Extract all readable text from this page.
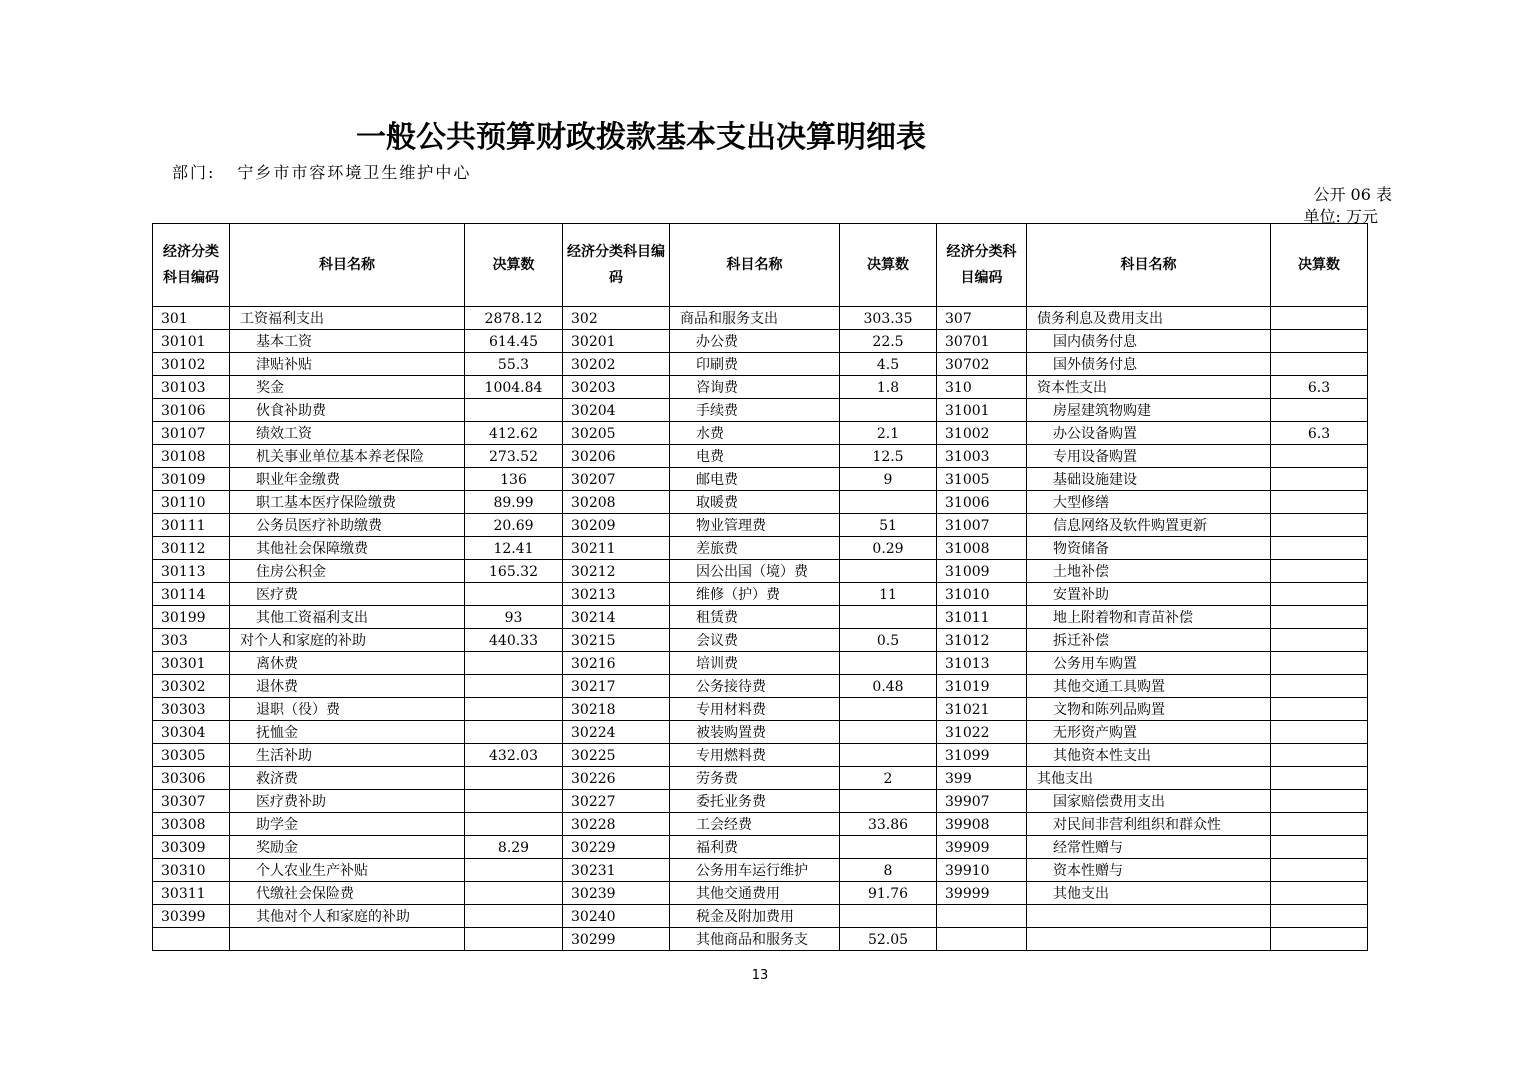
一般公共预算财政拨款基本支出决算明细表
部门: 宁乡市市容环境卫生维护中心
公开 06 表
单位: 万元
经济分类科目编码	科目名称	决算数	经济分类科目编码	科目名称	决算数	经济分类科目编码	科目名称	决算数
301	工资福利支出	2878.12	302	商品和服务支出	303.35	307	债务利息及费用支出	
30101	基本工资	614.45	30201	办公费	22.5	30701	国内债务付息	
30102	津贴补贴	55.3	30202	印刷费	4.5	30702	国外债务付息	
30103	奖金	1004.84	30203	咨询费	1.8	310	资本性支出	6.3
30106	伙食补助费		30204	手续费		31001	房屋建筑物购建	
30107	绩效工资	412.62	30205	水费	2.1	31002	办公设备购置	6.3
30108	机关事业单位基本养老保险	273.52	30206	电费	12.5	31003	专用设备购置	
30109	职业年金缴费	136	30207	邮电费	9	31005	基础设施建设	
30110	职工基本医疗保险缴费	89.99	30208	取暖费		31006	大型修缮	
30111	公务员医疗补助缴费	20.69	30209	物业管理费	51	31007	信息网络及软件购置更新	
30112	其他社会保障缴费	12.41	30211	差旅费	0.29	31008	物资储备	
30113	住房公积金	165.32	30212	因公出国（境）费		31009	土地补偿	
30114	医疗费		30213	维修（护）费	11	31010	安置补助	
30199	其他工资福利支出	93	30214	租赁费		31011	地上附着物和青苗补偿	
303	对个人和家庭的补助	440.33	30215	会议费	0.5	31012	拆迁补偿	
30301	离休费		30216	培训费		31013	公务用车购置	
30302	退休费		30217	公务接待费	0.48	31019	其他交通工具购置	
30303	退职（役）费		30218	专用材料费		31021	文物和陈列品购置	
30304	抚恤金		30224	被装购置费		31022	无形资产购置	
30305	生活补助	432.03	30225	专用燃料费		31099	其他资本性支出	
30306	救济费		30226	劳务费	2	399	其他支出	
30307	医疗费补助		30227	委托业务费		39907	国家赔偿费用支出	
30308	助学金		30228	工会经费	33.86	39908	对民间非营利组织和群众性	
30309	奖励金	8.29	30229	福利费		39909	经常性赠与	
30310	个人农业生产补贴		30231	公务用车运行维护	8	39910	资本性赠与	
30311	代缴社会保险费		30239	其他交通费用	91.76	39999	其他支出	
30399	其他对个人和家庭的补助		30240	税金及附加费用				
			30299	其他商品和服务支	52.05			
13
